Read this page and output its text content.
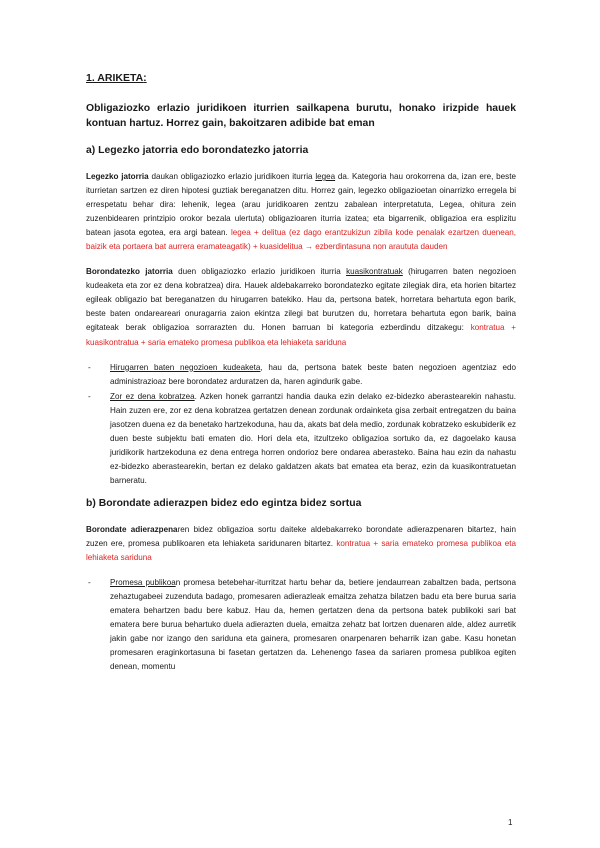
1. ARIKETA:
Obligaziozko erlazio juridikoen iturrien sailkapena burutu, honako irizpide hauek kontuan hartuz. Horrez gain, bakoitzaren adibide bat eman
a) Legezko jatorria edo borondatezko jatorria

Legezko jatorria daukan obligaziozko erlazio juridikoen iturria legea da. Kategoria hau orokorrena da, izan ere, beste iturrietan sartzen ez diren hipotesi guztiak bereganatzen ditu. Horrez gain, legezko obligazioetan oinarrizko erregela bi errespetatu behar dira: lehenik, legea (arau juridikoaren zentzu zabalean interpretatuta, Legea, ohitura zein zuzenbidearen printzipio orokor bezala ulertuta) obligazioaren iturria izatea; eta bigarrenik, obligazioa era esplizitu batean jasota egotea, era argi batean. legea + delitua (ez dago erantzukizun zibila kode penalak ezartzen duenean, baizik eta portaera bat aurrera eramateagatik) + kuasidelitua → ezberdintasuna non araututa dauden

Borondatezko jatorria duen obligaziozko erlazio juridikoen iturria kuasikontratuak (hirugarren baten negozioen kudeaketa eta zor ez dena kobratzea) dira. Hauek aldebakarreko borondatezko egitate zilegiak dira, eta horien bitartez egileak obligazio bat bereganatzen du hirugarren batekiko. Hau da, pertsona batek, horretara behartuta egon barik, beste baten ondareareari onuragarria zaion ekintza zilegi bat burutzen du, horretara behartuta egon barik, baina egitateak berak obligazioa sorrarazten du. Honen barruan bi kategoria ezberdindu ditzakegu: kontratua + kuasikontratua + saria emateko promesa publikoa eta lehiaketa sariduna

- Hirugarren baten negozioen kudeaketa, hau da, pertsona batek beste baten negozioen agentziaz edo administrazioaz bere borondatez arduratzen da, haren agindurik gabe.
- Zor ez dena kobratzea. Azken honek garrantzi handia dauka ezin delako ez-bidezko aberastearekin nahastu. Hain zuzen ere, zor ez dena kobratzea gertatzen denean zordunak ordainketa gisa zerbait entregatzen du baina jasotzen duena ez da benetako hartzekoduna, hau da, akats bat dela medio, zordunak kobratzeko eskubiderik ez duen beste subjektu bati ematen dio. Hori dela eta, itzultzeko obligazioa sortuko da, ez dagoelako kausa juridikorik hartzekoduna ez dena entrega horren ondorioz bere ondarea aberasteko. Baina hau ezin da nahastu ez-bidezko aberastearekin, bertan ez delako galdatzen akats bat ematea eta beraz, ezin da kuasikontratuetan barneratu.
b) Borondate adierazpen bidez edo egintza bidez sortua

Borondate adierazpenaren bidez obligazioa sortu daiteke aldebakarreko borondate adierazpenaren bitartez, hain zuzen ere, promesa publikoaren eta lehiaketa saridunaren bitartez. kontratua + saria emateko promesa publikoa eta lehiaketa sariduna

- Promesa publikoan promesa betebehar-iturritzat hartu behar da, betiere jendaurrean zabaltzen bada, pertsona zehaztugabeei zuzenduta badago, promesaren adierazleak emaitza zehatza bilatzen badu eta bere burua saria ematera behartzen badu bere kabuz. Hau da, hemen gertatzen dena da pertsona batek publikoki sari bat ematera bere burua behartuko duela adierazten duela, emaitza zehatz bat lortzen duenaren alde, aldez aurretik jakin gabe nor izango den sariduna eta gainera, promesaren onarpenaren beharrik izan gabe. Kasu honetan promesaren eraginkortasuna bi fasetan gertatzen da. Lehenengo fasea da sariaren promesa publikoa egiten denean, momentu
1
